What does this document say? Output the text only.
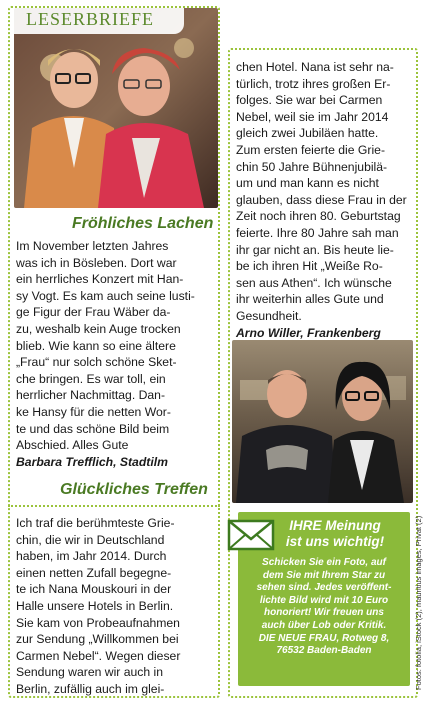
LESERBRIEFE
Fröhliches Lachen
Im November letzten Jahres
was ich in Bösleben. Dort war
ein herrliches Konzert mit Han-
sy Vogt. Es kam auch seine lusti-
ge Figur der Frau Wäber da-
zu, weshalb kein Auge trocken
blieb. Wie kann so eine ältere
„Frau“ nur solch schöne Sket-
che bringen. Es war toll, ein
herrlicher Nachmittag. Dan-
ke Hansy für die netten Wor-
te und das schöne Bild beim
Abschied. Alles Gute
Barbara Trefflich, Stadtilm
Glückliches Treffen
Ich traf die berühmteste Grie-
chin, die wir in Deutschland
haben, im Jahr 2014. Durch
einen netten Zufall begegne-
te ich Nana Mouskouri in der
Halle unsere Hotels in Berlin.
Sie kam von Probeaufnahmen
zur Sendung „Willkommen bei
Carmen Nebel“. Wegen dieser
Sendung waren wir auch in
Berlin, zufällig auch im glei-
chen Hotel. Nana ist sehr na-
türlich, trotz ihres großen Er-
folges. Sie war bei Carmen
Nebel, weil sie im Jahr 2014
gleich zwei Jubiläen hatte.
Zum ersten feierte die Grie-
chin 50 Jahre Bühnenjubilä-
um und man kann es nicht
glauben, dass diese Frau in der
Zeit noch ihren 80. Geburtstag
feierte. Ihre 80 Jahre sah man
ihr gar nicht an. Bis heute lie-
be ich ihren Hit „Weiße Ro-
sen aus Athen“. Ich wünsche
ihr weiterhin alles Gute und
Gesundheit.
Arno Willer, Frankenberg
IHRE Meinung
ist uns wichtig!
Schicken Sie ein Foto, auf
dem Sie mit Ihrem Star zu
sehen sind. Jedes veröffent-
lichte Bild wird mit 10 Euro
honoriert! Wir freuen uns
auch über Lob oder Kritik.
DIE NEUE FRAU, Rotweg 8,
76532 Baden-Baden	Fotos: fotolia, iStock (2), mauritius images, Privat (2)
